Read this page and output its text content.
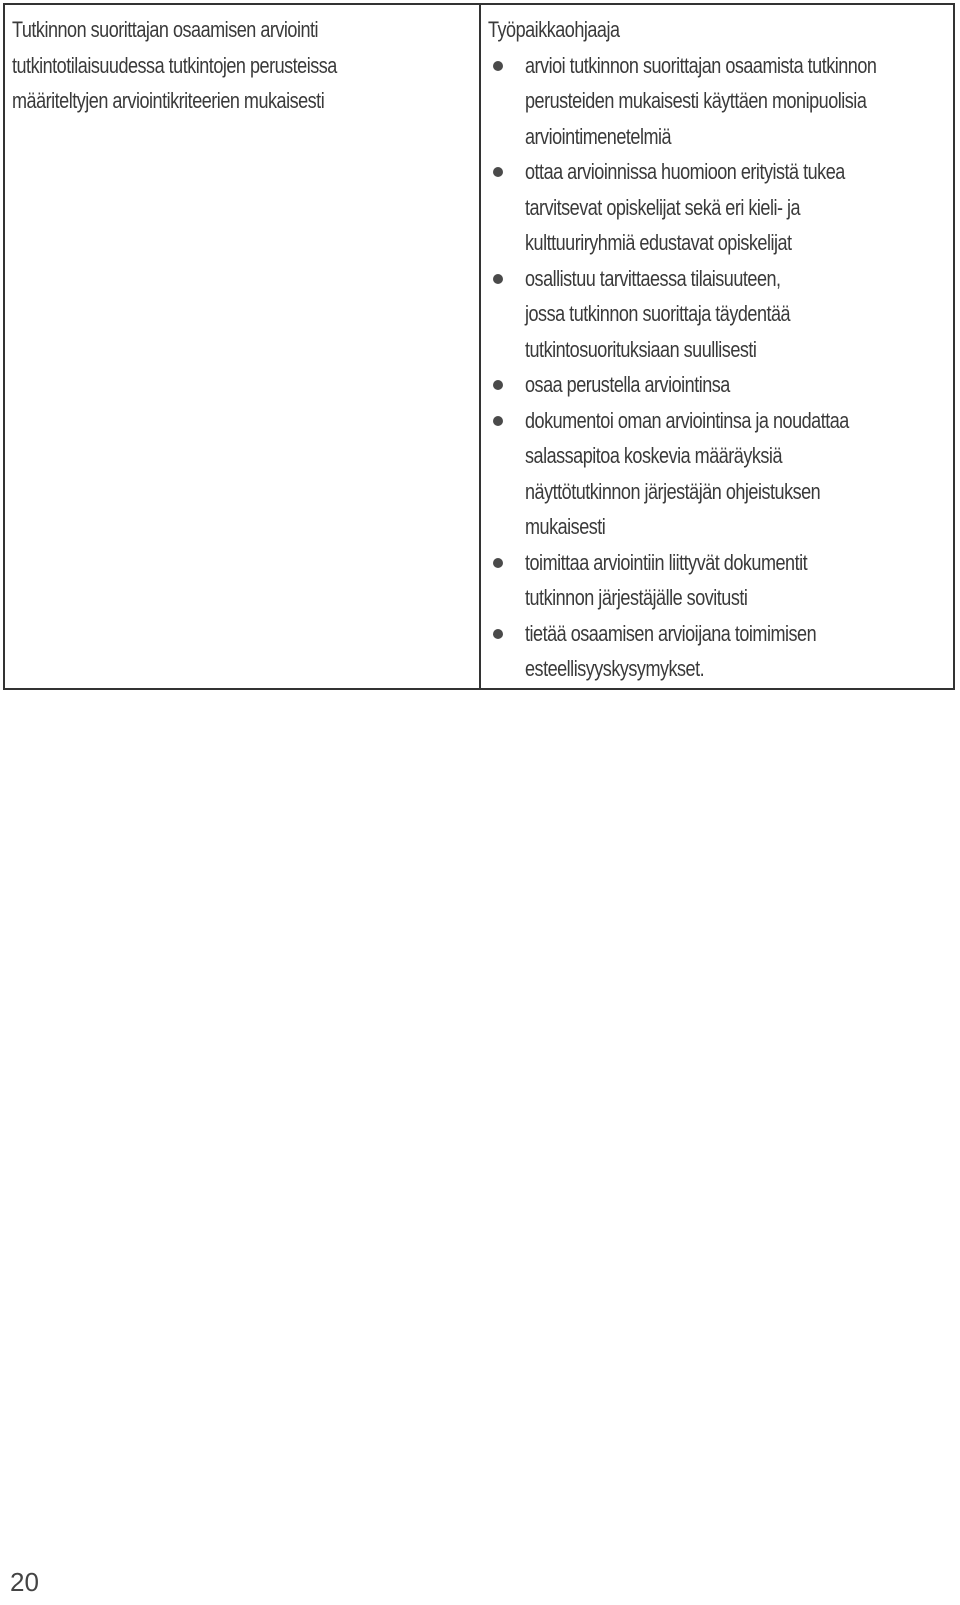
Tutkinnon suorittajan osaamisen arviointi
tutkintotilaisuudessa tutkintojen perusteissa
määriteltyjen arviointikriteerien mukaisesti

Työpaikkaohjaaja

arvioi tutkinnon suorittajan osaamista tutkinnon
perusteiden mukaisesti käyttäen monipuolisia
arviointimenetelmiä
ottaa arvioinnissa huomioon erityistä tukea
tarvitsevat opiskelijat sekä eri kieli- ja
kulttuuriryhmiä edustavat opiskelijat
osallistuu tarvittaessa tilaisuuteen,
jossa tutkinnon suorittaja täydentää
tutkintosuorituksiaan suullisesti
osaa perustella arviointinsa
dokumentoi oman arviointinsa ja noudattaa
salassapitoa koskevia määräyksiä
näyttötutkinnon järjestäjän ohjeistuksen
mukaisesti
toimittaa arviointiin liittyvät dokumentit
tutkinnon järjestäjälle sovitusti
tietää osaamisen arvioijana toimimisen
esteellisyyskysymykset.
20
